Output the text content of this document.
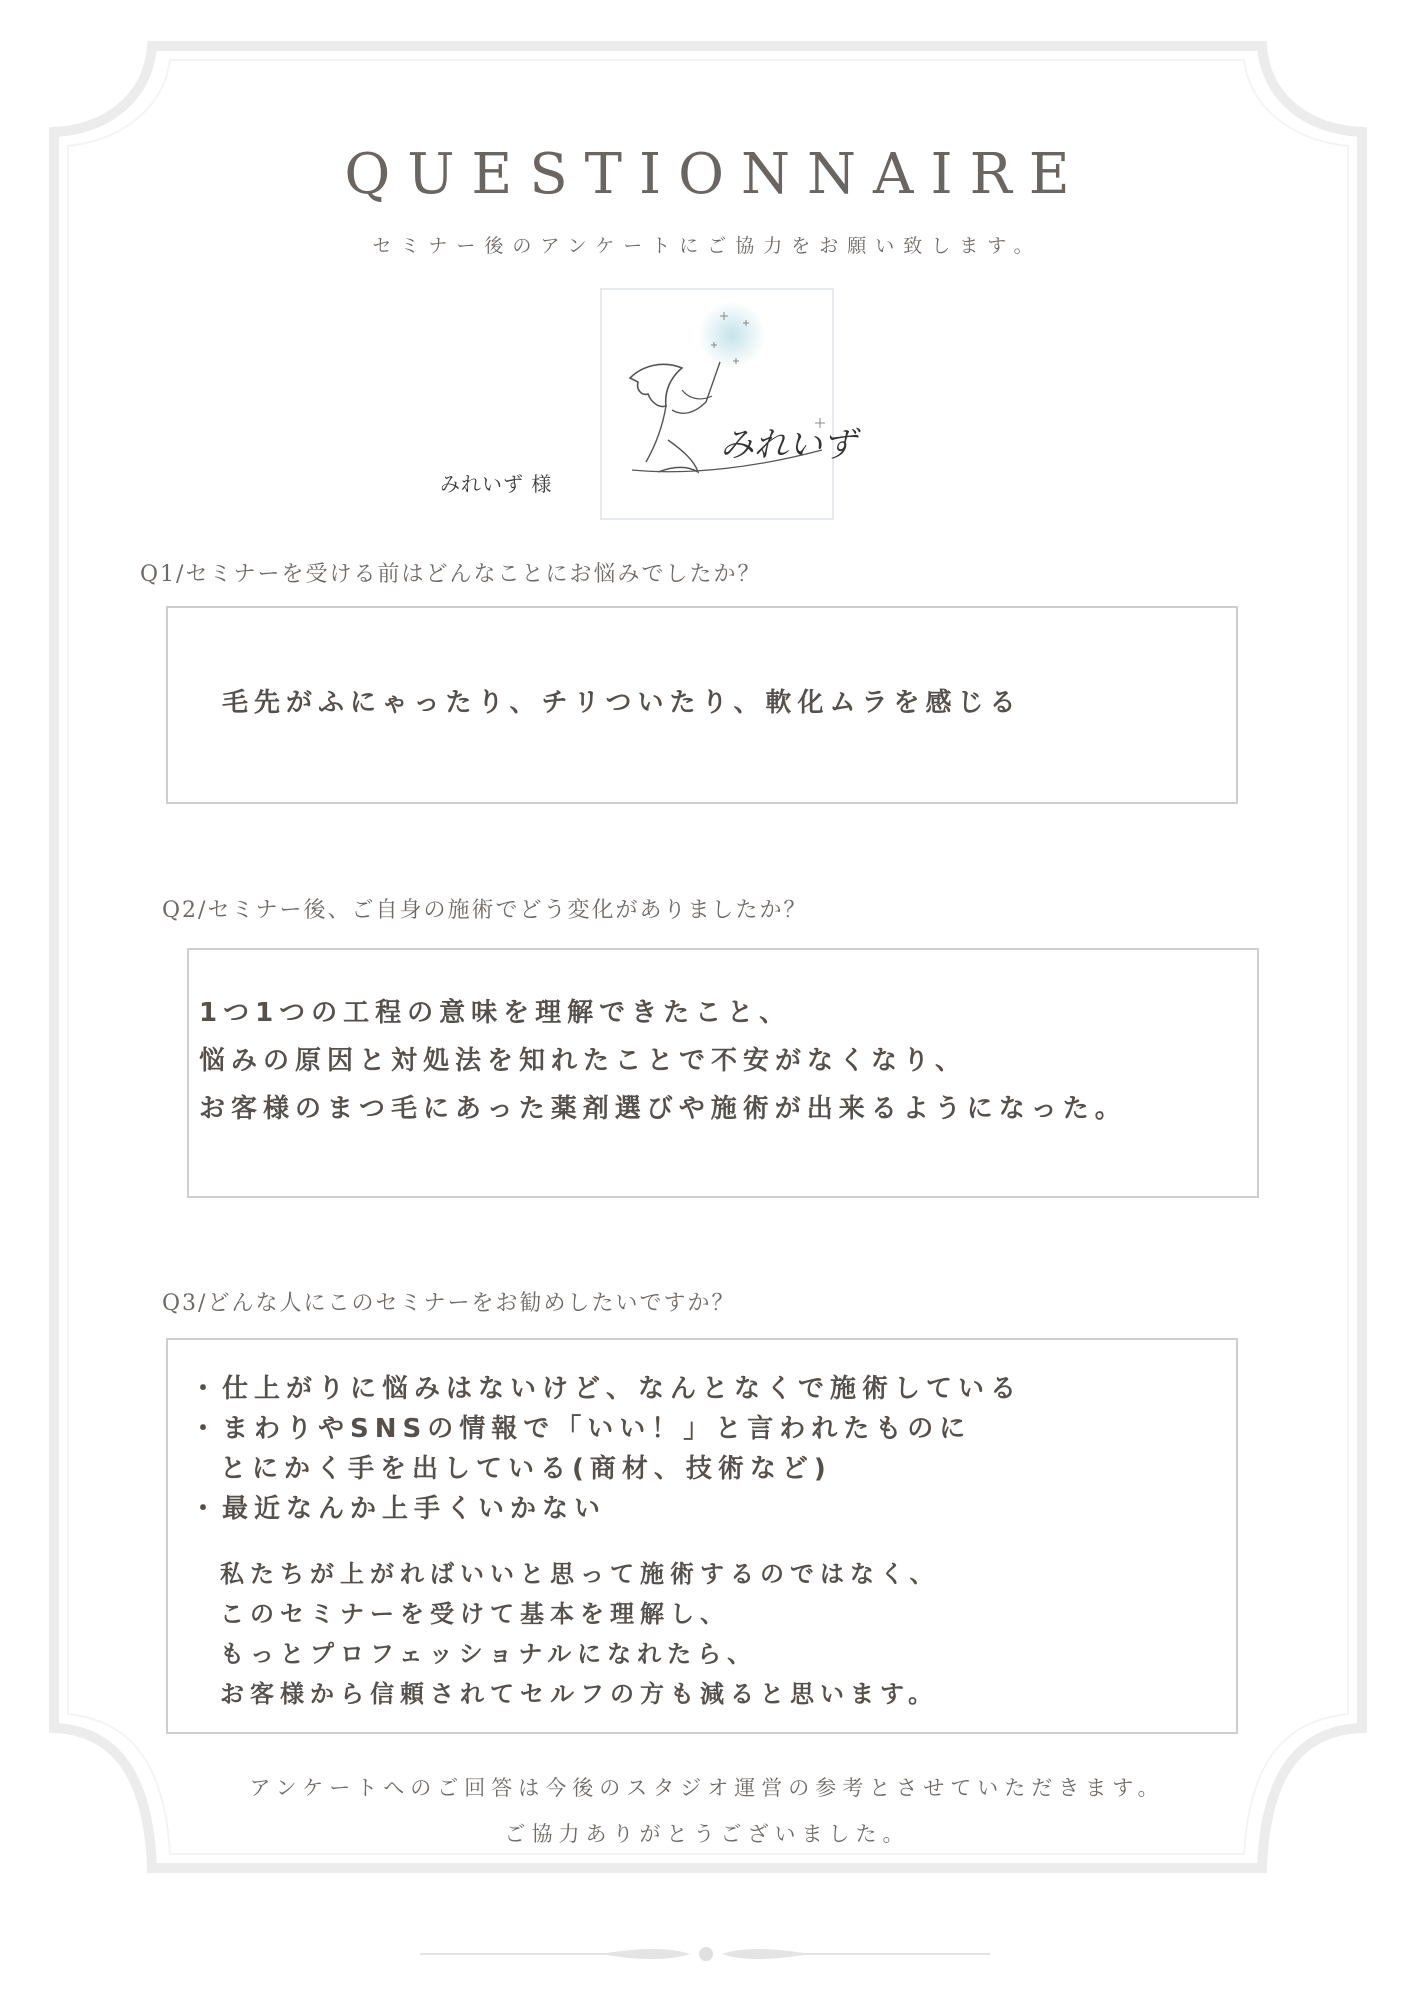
QUESTIONNAIRE
セミナー後のアンケートにご協力をお願い致します。
みれいず 様
みれいず
Q1/セミナーを受ける前はどんなことにお悩みでしたか？
毛先がふにゃったり、チリついたり、軟化ムラを感じる
Q2/セミナー後、ご自身の施術でどう変化がありましたか？
1つ1つの工程の意味を理解できたこと、
悩みの原因と対処法を知れたことで不安がなくなり、
お客様のまつ毛にあった薬剤選びや施術が出来るようになった。
Q3/どんな人にこのセミナーをお勧めしたいですか？
・仕上がりに悩みはないけど、なんとなくで施術している
・まわりやSNSの情報で「いい！」と言われたものに
とにかく手を出している(商材、技術など)
・最近なんか上手くいかない
私たちが上がればいいと思って施術するのではなく、
このセミナーを受けて基本を理解し、
もっとプロフェッショナルになれたら、
お客様から信頼されてセルフの方も減ると思います。
アンケートへのご回答は今後のスタジオ運営の参考とさせていただきます。
ご協力ありがとうございました。
